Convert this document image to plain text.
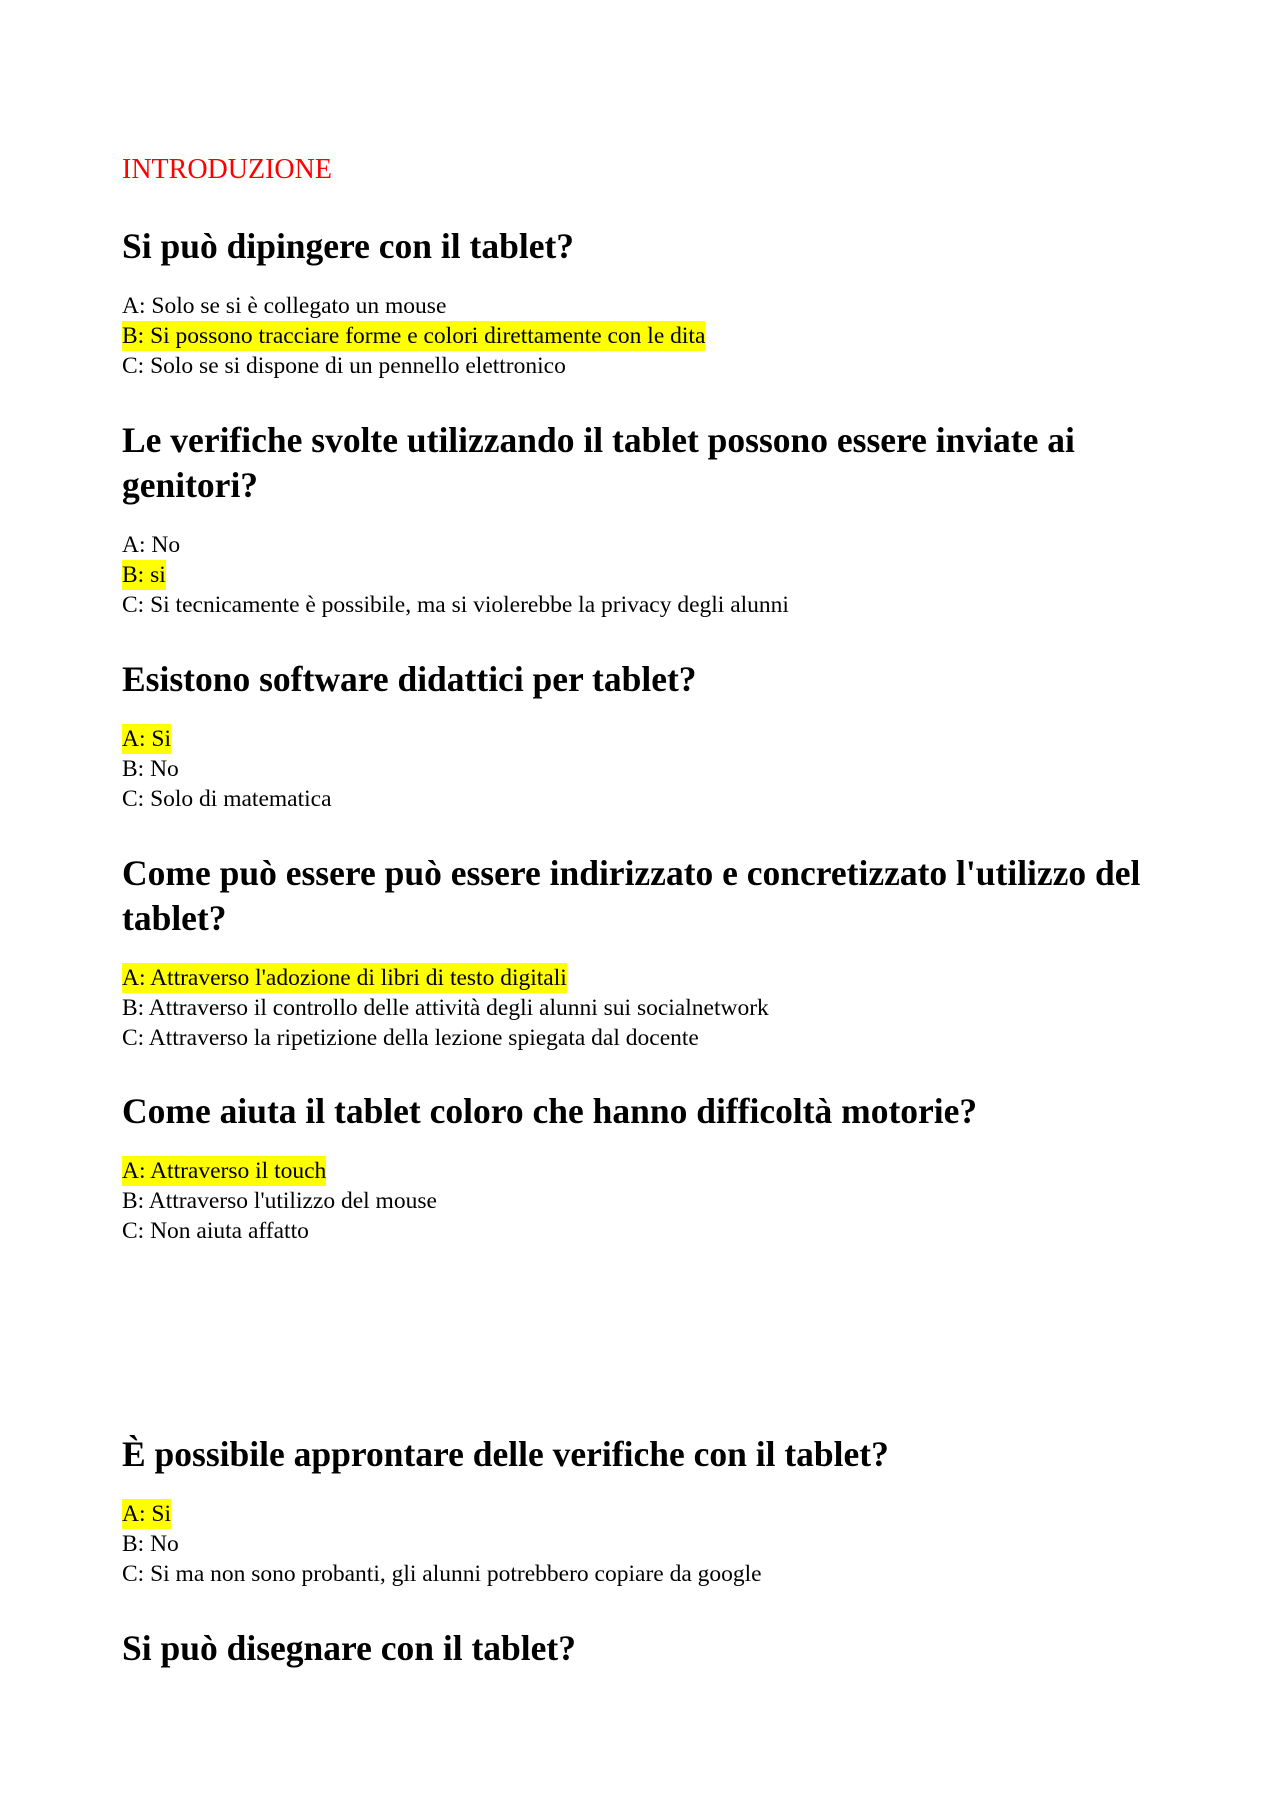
INTRODUZIONE

Si può dipingere con il tablet?
A: Solo se si è collegato un mouse
B: Si possono tracciare forme e colori direttamente con le dita
C: Solo se si dispone di un pennello elettronico
Le verifiche svolte utilizzando il tablet possono essere inviate ai genitori?
A: No
B: si
C: Si tecnicamente è possibile, ma si violerebbe la privacy degli alunni
Esistono software didattici per tablet?
A: Si
B: No
C: Solo di matematica
Come può essere può essere indirizzato e concretizzato l'utilizzo del tablet?
A: Attraverso l'adozione di libri di testo digitali
B: Attraverso il controllo delle attività degli alunni sui socialnetwork
C: Attraverso la ripetizione della lezione spiegata dal docente
Come aiuta il tablet coloro che hanno difficoltà motorie?
A: Attraverso il touch
B: Attraverso l'utilizzo del mouse
C: Non aiuta affatto
È possibile approntare delle verifiche con il tablet?
A: Si
B: No
C: Si ma non sono probanti, gli alunni potrebbero copiare da google
Si può disegnare con il tablet?
